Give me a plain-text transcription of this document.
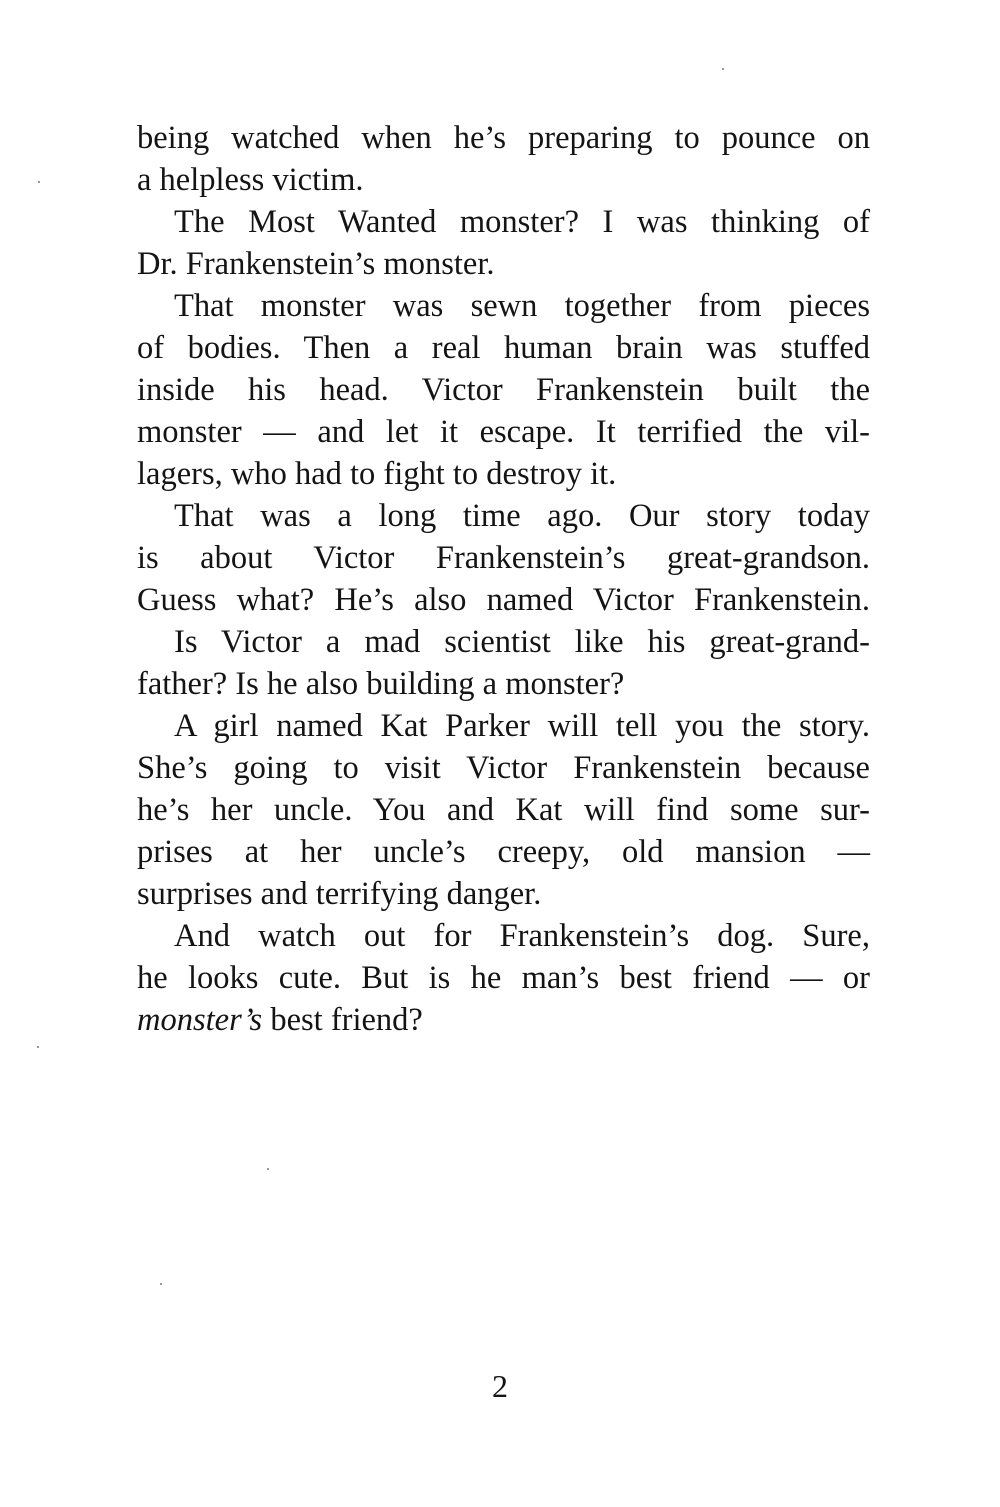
being watched when he’s preparing to pounce on
a helpless victim.
The Most Wanted monster? I was thinking of
Dr. Frankenstein’s monster.
That monster was sewn together from pieces
of bodies. Then a real human brain was stuffed
inside his head. Victor Frankenstein built the
monster — and let it escape. It terrified the vil-
lagers, who had to fight to destroy it.
That was a long time ago. Our story today
is about Victor Frankenstein’s great-grandson.
Guess what? He’s also named Victor Frankenstein.
Is Victor a mad scientist like his great-grand-
father? Is he also building a monster?
A girl named Kat Parker will tell you the story.
She’s going to visit Victor Frankenstein because
he’s her uncle. You and Kat will find some sur-
prises at her uncle’s creepy, old mansion —
surprises and terrifying danger.
And watch out for Frankenstein’s dog. Sure,
he looks cute. But is he man’s best friend — or
monster’s best friend?
2
